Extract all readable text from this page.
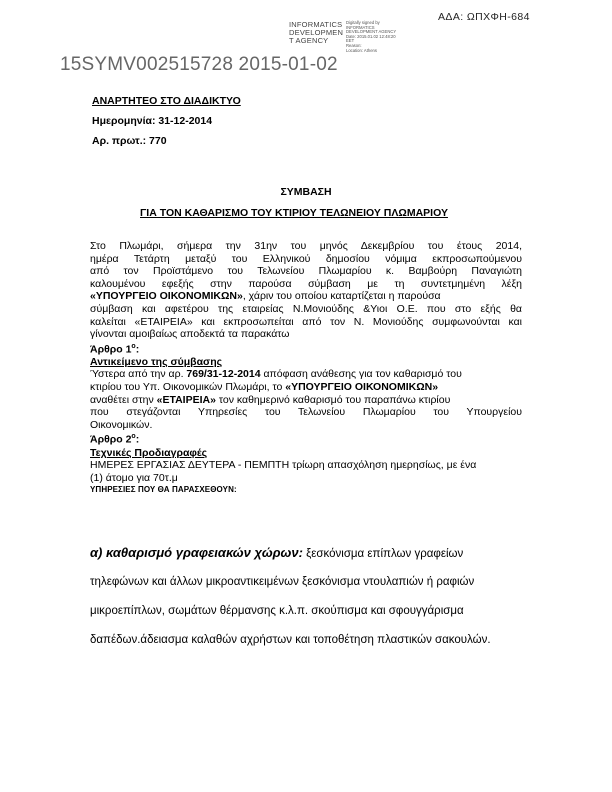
ΑΔΑ: ΩΠΧΦΗ-684
INFORMATICS
DEVELOPMEN
T AGENCY
Digitally signed by
INFORMATICS
DEVELOPMENT AGENCY
Date: 2015.01.02 12:48:20
EET
Reason:
Location: Athens
15SYMV002515728 2015-01-02
ΑΝΑΡΤΗΤΕΟ ΣΤΟ ΔΙΑΔΙΚΤΥΟ
Ημερομηνία: 31-12-2014
Αρ. πρωτ.: 770
ΣΥΜΒΑΣΗ
ΓΙΑ ΤΟΝ ΚΑΘΑΡΙΣΜΟ ΤΟΥ ΚΤΙΡΙΟΥ ΤΕΛΩΝΕΙΟΥ ΠΛΩΜΑΡΙΟΥ
Στο Πλωμάρι, σήμερα την 31ην του μηνός Δεκεμβρίου του έτους 2014,
ημέρα Τετάρτη μεταξύ του Ελληνικού δημοσίου νόμιμα εκπροσωπούμενου
από τον Προϊστάμενο του Τελωνείου Πλωμαρίου κ. Βαμβούρη Παναγιώτη
καλουμένου εφεξής στην παρούσα σύμβαση με τη συντετμημένη λέξη
«ΥΠΟΥΡΓΕΙΟ ΟΙΚΟΝΟΜΙΚΩΝ», χάριν του οποίου καταρτίζεται η παρούσα
σύμβαση και αφετέρου της εταιρείας Ν.Μονιούδης &Υιοι Ο.Ε. που στο εξής θα
καλείται «ΕΤΑΙΡΕΙΑ» και εκπροσωπείται από τον Ν. Μονιούδης συμφωνούνται και
γίνονται αμοιβαίως αποδεκτά τα παρακάτω
Άρθρο $1^o$:
Αντικείμενο της σύμβασης
Ύστερα από την αρ. 769/31-12-2014 απόφαση ανάθεσης για τον καθαρισμό του
κτιρίου του Υπ. Οικονομικών Πλωμάρι, το «ΥΠΟΥΡΓΕΙΟ ΟΙΚΟΝΟΜΙΚΩΝ»
αναθέτει στην «ΕΤΑΙΡΕΙΑ» τον καθημερινό καθαρισμό του παραπάνω κτιρίου
που στεγάζονται Υπηρεσίες του Τελωνείου Πλωμαρίου του Υπουργείου
Οικονομικών.
Άρθρο $2^o$:
Τεχνικές Προδιαγραφές
ΗΜΕΡΕΣ ΕΡΓΑΣΙΑΣ ΔΕΥΤΕΡΑ - ΠΕΜΠΤΗ τρίωρη απασχόληση ημερησίως, με ένα
(1) άτομο για 70τ.μ
ΥΠΗΡΕΣΙΕΣ ΠΟΥ ΘΑ ΠΑΡΑΣΧΕΘΟΥΝ:
α) καθαρισμό γραφειακών χώρων: ξεσκόνισμα επίπλων γραφείων
τηλεφώνων και άλλων μικροαντικειμένων ξεσκόνισμα ντουλαπιών ή ραφιών
μικροεπίπλων, σωμάτων θέρμανσης κ.λ.π. σκούπισμα και σφουγγάρισμα
δαπέδων.άδειασμα καλαθών αχρήστων και τοποθέτηση πλαστικών σακουλών.
